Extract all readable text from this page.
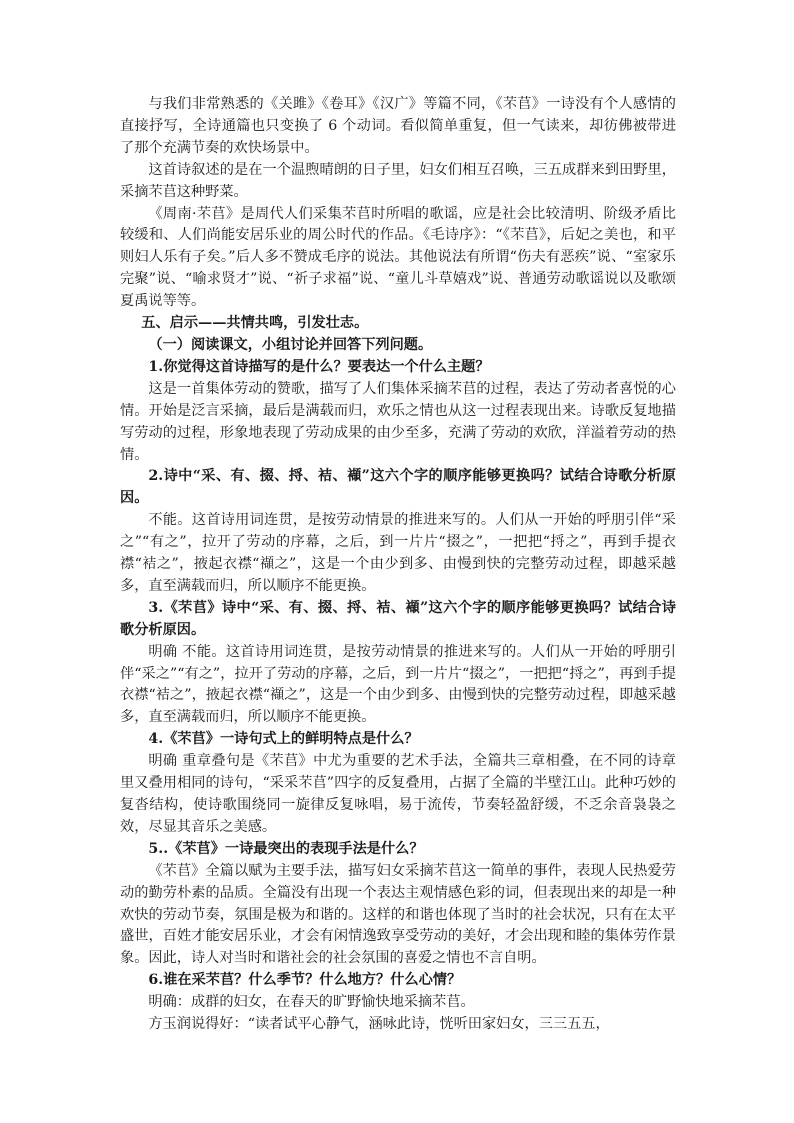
与我们非常熟悉的《关雎》《卷耳》《汉广》等篇不同，《芣苢》一诗没有个人感情的直接抒写，全诗通篇也只变换了 6 个动词。看似简单重复，但一气读来，却彷佛被带进了那个充满节奏的欢快场景中。

这首诗叙述的是在一个温煦晴朗的日子里，妇女们相互召唤，三五成群来到田野里，采摘芣苢这种野菜。

《周南·芣苢》是周代人们采集芣苢时所唱的歌谣，应是社会比较清明、阶级矛盾比较缓和、人们尚能安居乐业的周公时代的作品。《毛诗序》：“《芣苢》，后妃之美也，和平则妇人乐有子矣。”后人多不赞成毛序的说法。其他说法有所谓“伤夫有恶疾”说、“室家乐完聚”说、“喻求贤才”说、“祈子求福”说、“童儿斗草嬉戏”说、普通劳动歌谣说以及歌颂夏禹说等等。

五、启示——共情共鸣，引发壮志。

（一）阅读课文，小组讨论并回答下列问题。

1.你觉得这首诗描写的是什么？要表达一个什么主题？

这是一首集体劳动的赞歌，描写了人们集体采摘芣苢的过程，表达了劳动者喜悦的心情。开始是泛言采摘，最后是满载而归，欢乐之情也从这一过程表现出来。诗歌反复地描写劳动的过程，形象地表现了劳动成果的由少至多，充满了劳动的欢欣，洋溢着劳动的热情。

2.诗中“采、有、掇、捋、袺、襭”这六个字的顺序能够更换吗？试结合诗歌分析原因。

不能。这首诗用词连贯，是按劳动情景的推进来写的。人们从一开始的呼朋引伴“采之”“有之”，拉开了劳动的序幕，之后，到一片片“掇之”，一把把“捋之”，再到手提衣襟“袺之”，掖起衣襟“襭之”，这是一个由少到多、由慢到快的完整劳动过程，即越采越多，直至满载而归，所以顺序不能更换。

3.《芣苢》诗中“采、有、掇、捋、袺、襭”这六个字的顺序能够更换吗？试结合诗歌分析原因。

明确 不能。这首诗用词连贯，是按劳动情景的推进来写的。人们从一开始的呼朋引伴“采之”“有之”，拉开了劳动的序幕，之后，到一片片“掇之”，一把把“捋之”，再到手提衣襟“袺之”，掖起衣襟“襭之”，这是一个由少到多、由慢到快的完整劳动过程，即越采越多，直至满载而归，所以顺序不能更换。

4.《芣苢》一诗句式上的鲜明特点是什么？

明确 重章叠句是《芣苢》中尤为重要的艺术手法，全篇共三章相叠，在不同的诗章里又叠用相同的诗句，“采采芣苢”四字的反复叠用，占据了全篇的半壁江山。此种巧妙的复沓结构，使诗歌围绕同一旋律反复咏唱，易于流传，节奏轻盈舒缓，不乏余音袅袅之效，尽显其音乐之美感。

5..《芣苢》一诗最突出的表现手法是什么？

《芣苢》全篇以赋为主要手法，描写妇女采摘芣苢这一简单的事件，表现人民热爱劳动的勤劳朴素的品质。全篇没有出现一个表达主观情感色彩的词，但表现出来的却是一种欢快的劳动节奏，氛围是极为和谐的。这样的和谐也体现了当时的社会状况，只有在太平盛世，百姓才能安居乐业，才会有闲情逸致享受劳动的美好，才会出现和睦的集体劳作景象。因此，诗人对当时和谐社会的社会氛围的喜爱之情也不言自明。

6.谁在采芣苢？什么季节？什么地方？什么心情？

明确：成群的妇女，在春天的旷野愉快地采摘芣苢。

方玉润说得好：“读者试平心静气，涵咏此诗，恍听田家妇女，三三五五，
